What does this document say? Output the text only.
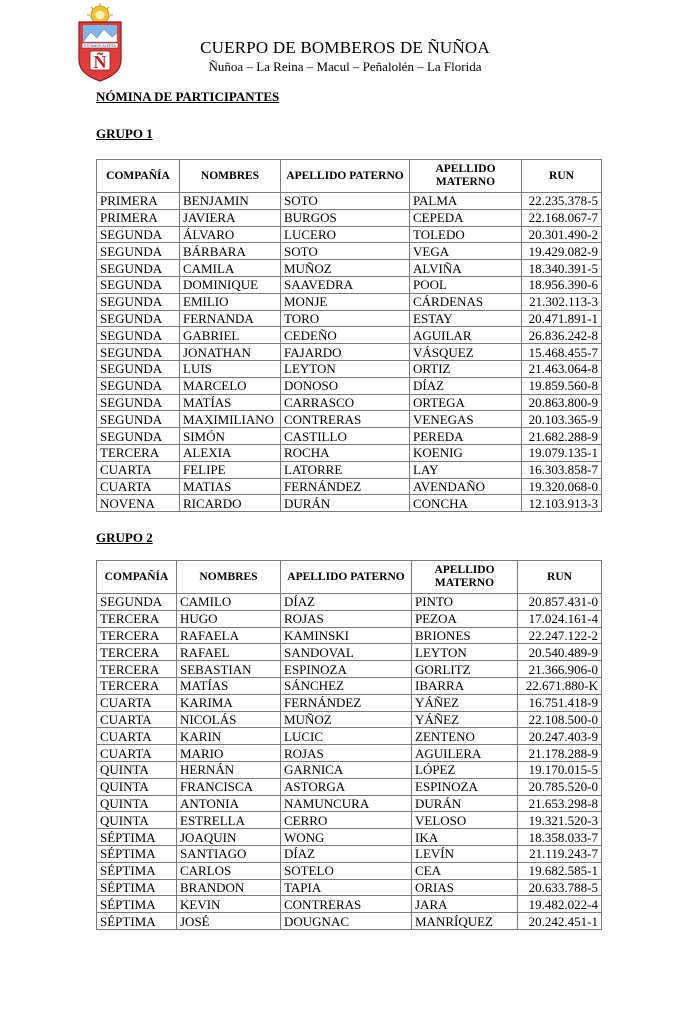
ESTAMOS ALERTA
Ñ
CUERPO DE BOMBEROS DE ÑUÑOA
Ñuñoa – La Reina – Macul – Peñalolén – La Florida
NÓMINA DE PARTICIPANTES
GRUPO 1
COMPAÑÍA	NOMBRES	APELLIDO PATERNO	APELLIDO MATERNO	RUN
PRIMERA	BENJAMIN	SOTO	PALMA	22.235.378-5
PRIMERA	JAVIERA	BURGOS	CEPEDA	22.168.067-7
SEGUNDA	ÁLVARO	LUCERO	TOLEDO	20.301.490-2
SEGUNDA	BÁRBARA	SOTO	VEGA	19.429.082-9
SEGUNDA	CAMILA	MUÑOZ	ALVIÑA	18.340.391-5
SEGUNDA	DOMINIQUE	SAAVEDRA	POOL	18.956.390-6
SEGUNDA	EMILIO	MONJE	CÁRDENAS	21.302.113-3
SEGUNDA	FERNANDA	TORO	ESTAY	20.471.891-1
SEGUNDA	GABRIEL	CEDEÑO	AGUILAR	26.836.242-8
SEGUNDA	JONATHAN	FAJARDO	VÁSQUEZ	15.468.455-7
SEGUNDA	LUIS	LEYTON	ORTIZ	21.463.064-8
SEGUNDA	MARCELO	DONOSO	DÍAZ	19.859.560-8
SEGUNDA	MATÍAS	CARRASCO	ORTEGA	20.863.800-9
SEGUNDA	MAXIMILIANO	CONTRERAS	VENEGAS	20.103.365-9
SEGUNDA	SIMÓN	CASTILLO	PEREDA	21.682.288-9
TERCERA	ALEXIA	ROCHA	KOENIG	19.079.135-1
CUARTA	FELIPE	LATORRE	LAY	16.303.858-7
CUARTA	MATIAS	FERNÁNDEZ	AVENDAÑO	19.320.068-0
NOVENA	RICARDO	DURÁN	CONCHA	12.103.913-3
GRUPO 2
COMPAÑÍA	NOMBRES	APELLIDO PATERNO	APELLIDO MATERNO	RUN
SEGUNDA	CAMILO	DÍAZ	PINTO	20.857.431-0
TERCERA	HUGO	ROJAS	PEZOA	17.024.161-4
TERCERA	RAFAELA	KAMINSKI	BRIONES	22.247.122-2
TERCERA	RAFAEL	SANDOVAL	LEYTON	20.540.489-9
TERCERA	SEBASTIAN	ESPINOZA	GORLITZ	21.366.906-0
TERCERA	MATÍAS	SÁNCHEZ	IBARRA	22.671.880-K
CUARTA	KARIMA	FERNÁNDEZ	YÁÑEZ	16.751.418-9
CUARTA	NICOLÁS	MUÑOZ	YÁÑEZ	22.108.500-0
CUARTA	KARIN	LUCIC	ZENTENO	20.247.403-9
CUARTA	MARIO	ROJAS	AGUILERA	21.178.288-9
QUINTA	HERNÁN	GARNICA	LÓPEZ	19.170.015-5
QUINTA	FRANCISCA	ASTORGA	ESPINOZA	20.785.520-0
QUINTA	ANTONIA	NAMUNCURA	DURÁN	21.653.298-8
QUINTA	ESTRELLA	CERRO	VELOSO	19.321.520-3
SÉPTIMA	JOAQUIN	WONG	IKA	18.358.033-7
SÉPTIMA	SANTIAGO	DÍAZ	LEVÍN	21.119.243-7
SÉPTIMA	CARLOS	SOTELO	CEA	19.682.585-1
SÉPTIMA	BRANDON	TAPIA	ORIAS	20.633.788-5
SÉPTIMA	KEVIN	CONTRERAS	JARA	19.482.022-4
SÉPTIMA	JOSÉ	DOUGNAC	MANRÍQUEZ	20.242.451-1
